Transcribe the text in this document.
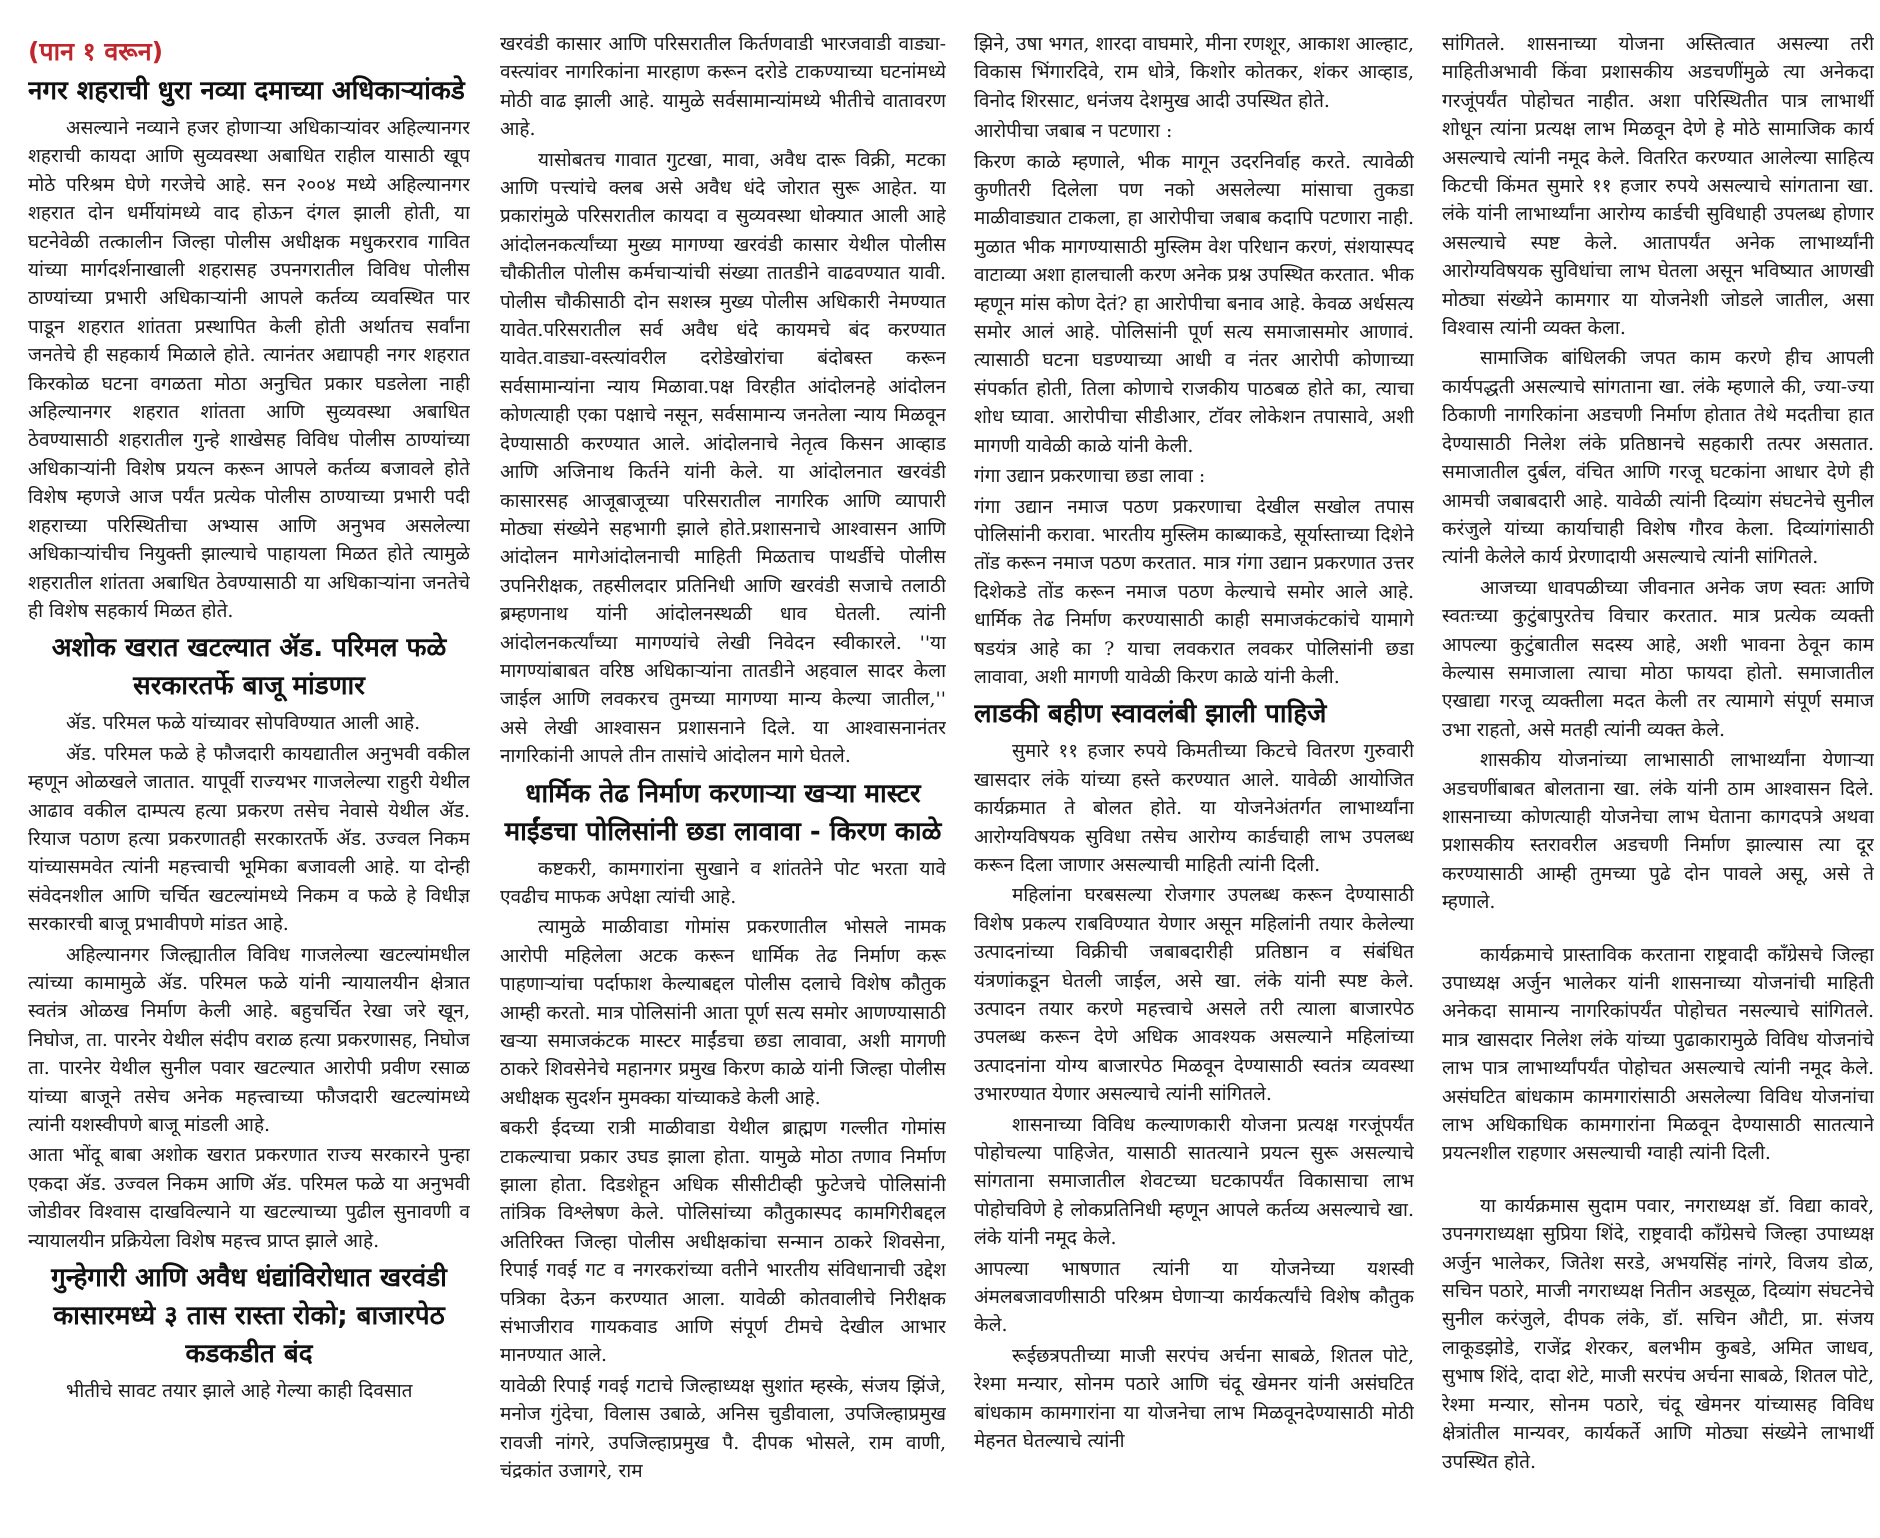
(पान १ वरून)
नगर शहराची धुरा नव्या दमाच्या अधिकाऱ्यांकडे

असल्याने नव्याने हजर होणाऱ्या अधिकाऱ्यांवर अहिल्यानगर शहराची कायदा आणि सुव्यवस्था अबाधित राहील यासाठी खूप मोठे परिश्रम घेणे गरजेचे आहे. सन २००४ मध्ये अहिल्यानगर शहरात दोन धर्मीयांमध्ये वाद होऊन दंगल झाली होती, या घटनेवेळी तत्कालीन जिल्हा पोलीस अधीक्षक मधुकरराव गावित यांच्या मार्गदर्शनाखाली शहरासह उपनगरातील विविध पोलीस ठाण्यांच्या प्रभारी अधिकाऱ्यांनी आपले कर्तव्य व्यवस्थित पार पाडून शहरात शांतता प्रस्थापित केली होती अर्थातच सर्वांना जनतेचे ही सहकार्य मिळाले होते. त्यानंतर अद्यापही नगर शहरात किरकोळ घटना वगळता मोठा अनुचित प्रकार घडलेला नाही अहिल्यानगर शहरात शांतता आणि सुव्यवस्था अबाधित ठेवण्यासाठी शहरातील गुन्हे शाखेसह विविध पोलीस ठाण्यांच्या अधिकाऱ्यांनी विशेष प्रयत्न करून आपले कर्तव्य बजावले होते विशेष म्हणजे आज पर्यंत प्रत्येक पोलीस ठाण्याच्या प्रभारी पदी शहराच्या परिस्थितीचा अभ्यास आणि अनुभव असलेल्या अधिकाऱ्यांचीच नियुक्ती झाल्याचे पाहायला मिळत होते त्यामुळे शहरातील शांतता अबाधित ठेवण्यासाठी या अधिकाऱ्यांना जनतेचे ही विशेष सहकार्य मिळत होते.

अशोक खरात खटल्यात ॲड. परिमल फळे सरकारतर्फे बाजू मांडणार

ॲड. परिमल फळे यांच्यावर सोपविण्यात आली आहे.

ॲड. परिमल फळे हे फौजदारी कायद्यातील अनुभवी वकील म्हणून ओळखले जातात. यापूर्वी राज्यभर गाजलेल्या राहुरी येथील आढाव वकील दाम्पत्य हत्या प्रकरण तसेच नेवासे येथील ॲड. रियाज पठाण हत्या प्रकरणातही सरकारतर्फे ॲड. उज्वल निकम यांच्यासमवेत त्यांनी महत्त्वाची भूमिका बजावली आहे. या दोन्ही संवेदनशील आणि चर्चित खटल्यांमध्ये निकम व फळे हे विधीज्ञ सरकारची बाजू प्रभावीपणे मांडत आहे.

अहिल्यानगर जिल्ह्यातील विविध गाजलेल्या खटल्यांमधील त्यांच्या कामामुळे ॲड. परिमल फळे यांनी न्यायालयीन क्षेत्रात स्वतंत्र ओळख निर्माण केली आहे. बहुचर्चित रेखा जरे खून, निघोज, ता. पारनेर येथील संदीप वराळ हत्या प्रकरणासह, निघोज ता. पारनेर येथील सुनील पवार खटल्यात आरोपी प्रवीण रसाळ यांच्या बाजूने तसेच अनेक महत्त्वाच्या फौजदारी खटल्यांमध्ये त्यांनी यशस्वीपणे बाजू मांडली आहे.

आता भोंदू बाबा अशोक खरात प्रकरणात राज्य सरकारने पुन्हा एकदा ॲड. उज्वल निकम आणि ॲड. परिमल फळे या अनुभवी जोडीवर विश्वास दाखविल्याने या खटल्याच्या पुढील सुनावणी व न्यायालयीन प्रक्रियेला विशेष महत्त्व प्राप्त झाले आहे.

गुन्हेगारी आणि अवैध धंद्यांविरोधात खरवंडी कासारमध्ये ३ तास रास्ता रोको; बाजारपेठ कडकडीत बंद

भीतीचे सावट तयार झाले आहे गेल्या काही दिवसात

खरवंडी कासार आणि परिसरातील किर्तणवाडी भारजवाडी वाड्या-वस्त्यांवर नागरिकांना मारहाण करून दरोडे टाकण्याच्या घटनांमध्ये मोठी वाढ झाली आहे. यामुळे सर्वसामान्यांमध्ये भीतीचे वातावरण आहे.

यासोबतच गावात गुटखा, मावा, अवैध दारू विक्री, मटका आणि पत्त्यांचे क्लब असे अवैध धंदे जोरात सुरू आहेत. या प्रकारांमुळे परिसरातील कायदा व सुव्यवस्था धोक्यात आली आहे आंदोलनकर्त्यांच्या मुख्य मागण्या खरवंडी कासार येथील पोलीस चौकीतील पोलीस कर्मचाऱ्यांची संख्या तातडीने वाढवण्यात यावी. पोलीस चौकीसाठी दोन सशस्त्र मुख्य पोलीस अधिकारी नेमण्यात यावेत.परिसरातील सर्व अवैध धंदे कायमचे बंद करण्यात यावेत.वाड्या-वस्त्यांवरील दरोडेखोरांचा बंदोबस्त करून सर्वसामान्यांना न्याय मिळावा.पक्ष विरहीत आंदोलनहे आंदोलन कोणत्याही एका पक्षाचे नसून, सर्वसामान्य जनतेला न्याय मिळवून देण्यासाठी करण्यात आले. आंदोलनाचे नेतृत्व किसन आव्हाड आणि अजिनाथ किर्तने यांनी केले. या आंदोलनात खरवंडी कासारसह आजूबाजूच्या परिसरातील नागरिक आणि व्यापारी मोठ्या संख्येने सहभागी झाले होते.प्रशासनाचे आश्वासन आणि आंदोलन मागेआंदोलनाची माहिती मिळताच पाथर्डीचे पोलीस उपनिरीक्षक, तहसीलदार प्रतिनिधी आणि खरवंडी सजाचे तलाठी ब्रम्हणनाथ यांनी आंदोलनस्थळी धाव घेतली. त्यांनी आंदोलनकर्त्यांच्या मागण्यांचे लेखी निवेदन स्वीकारले. ''या मागण्यांबाबत वरिष्ठ अधिकाऱ्यांना तातडीने अहवाल सादर केला जाईल आणि लवकरच तुमच्या मागण्या मान्य केल्या जातील,'' असे लेखी आश्वासन प्रशासनाने दिले. या आश्वासनानंतर नागरिकांनी आपले तीन तासांचे आंदोलन मागे घेतले.

धार्मिक तेढ निर्माण करणाऱ्या खऱ्या मास्टर माईंडचा पोलिसांनी छडा लावावा - किरण काळे

कष्टकरी, कामगारांना सुखाने व शांततेने पोट भरता यावे एवढीच माफक अपेक्षा त्यांची आहे.

त्यामुळे माळीवाडा गोमांस प्रकरणातील भोसले नामक आरोपी महिलेला अटक करून धार्मिक तेढ निर्माण करू पाहणाऱ्यांचा पर्दाफाश केल्याबद्दल पोलीस दलाचे विशेष कौतुक आम्ही करतो. मात्र पोलिसांनी आता पूर्ण सत्य समोर आणण्यासाठी खऱ्या समाजकंटक मास्टर माईंडचा छडा लावावा, अशी मागणी ठाकरे शिवसेनेचे महानगर प्रमुख किरण काळे यांनी जिल्हा पोलीस अधीक्षक सुदर्शन मुमक्का यांच्याकडे केली आहे.

बकरी ईदच्या रात्री माळीवाडा येथील ब्राह्मण गल्लीत गोमांस टाकल्याचा प्रकार उघड झाला होता. यामुळे मोठा तणाव निर्माण झाला होता. दिडशेहून अधिक सीसीटीव्ही फुटेजचे पोलिसांनी तांत्रिक विश्लेषण केले. पोलिसांच्या कौतुकास्पद कामगिरीबद्दल अतिरिक्त जिल्हा पोलीस अधीक्षकांचा सन्मान ठाकरे शिवसेना, रिपाई गवई गट व नगरकरांच्या वतीने भारतीय संविधानाची उद्देश पत्रिका देऊन करण्यात आला. यावेळी कोतवालीचे निरीक्षक संभाजीराव गायकवाड आणि संपूर्ण टीमचे देखील आभार मानण्यात आले.

यावेळी रिपाई गवई गटाचे जिल्हाध्यक्ष सुशांत म्हस्के, संजय झिंजे, मनोज गुंदेचा, विलास उबाळे, अनिस चुडीवाला, उपजिल्हाप्रमुख रावजी नांगरे, उपजिल्हाप्रमुख पै. दीपक भोसले, राम वाणी, चंद्रकांत उजागरे, राम

झिने, उषा भगत, शारदा वाघमारे, मीना रणशूर, आकाश आल्हाट, विकास भिंगारदिवे, राम धोत्रे, किशोर कोतकर, शंकर आव्हाड, विनोद शिरसाट, धनंजय देशमुख आदी उपस्थित होते.

आरोपीचा जबाब न पटणारा :

किरण काळे म्हणाले, भीक मागून उदरनिर्वाह करते. त्यावेळी कुणीतरी दिलेला पण नको असलेल्या मांसाचा तुकडा माळीवाड्यात टाकला, हा आरोपीचा जबाब कदापि पटणारा नाही. मुळात भीक मागण्यासाठी मुस्लिम वेश परिधान करणं, संशयास्पद वाटाव्या अशा हालचाली करण अनेक प्रश्न उपस्थित करतात. भीक म्हणून मांस कोण देतं? हा आरोपीचा बनाव आहे. केवळ अर्धसत्य समोर आलं आहे. पोलिसांनी पूर्ण सत्य समाजासमोर आणावं. त्यासाठी घटना घडण्याच्या आधी व नंतर आरोपी कोणाच्या संपर्कात होती, तिला कोणाचे राजकीय पाठबळ होते का, त्याचा शोध घ्यावा. आरोपीचा सीडीआर, टॉवर लोकेशन तपासावे, अशी मागणी यावेळी काळे यांनी केली.

गंगा उद्यान प्रकरणाचा छडा लावा :

गंगा उद्यान नमाज पठण प्रकरणाचा देखील सखोल तपास पोलिसांनी करावा. भारतीय मुस्लिम काब्याकडे, सूर्यास्ताच्या दिशेने तोंड करून नमाज पठण करतात. मात्र गंगा उद्यान प्रकरणात उत्तर दिशेकडे तोंड करून नमाज पठण केल्याचे समोर आले आहे. धार्मिक तेढ निर्माण करण्यासाठी काही समाजकंटकांचे यामागे षडयंत्र आहे का ? याचा लवकरात लवकर पोलिसांनी छडा लावावा, अशी मागणी यावेळी किरण काळे यांनी केली.

लाडकी बहीण स्वावलंबी झाली पाहिजे

सुमारे ११ हजार रुपये किमतीच्या किटचे वितरण गुरुवारी खासदार लंके यांच्या हस्ते करण्यात आले. यावेळी आयोजित कार्यक्रमात ते बोलत होते. या योजनेअंतर्गत लाभार्थ्यांना आरोग्यविषयक सुविधा तसेच आरोग्य कार्डचाही लाभ उपलब्ध करून दिला जाणार असल्याची माहिती त्यांनी दिली.

महिलांना घरबसल्या रोजगार उपलब्ध करून देण्यासाठी विशेष प्रकल्प राबविण्यात येणार असून महिलांनी तयार केलेल्या उत्पादनांच्या विक्रीची जबाबदारीही प्रतिष्ठान व संबंधित यंत्रणांकडून घेतली जाईल, असे खा. लंके यांनी स्पष्ट केले. उत्पादन तयार करणे महत्त्वाचे असले तरी त्याला बाजारपेठ उपलब्ध करून देणे अधिक आवश्यक असल्याने महिलांच्या उत्पादनांना योग्य बाजारपेठ मिळवून देण्यासाठी स्वतंत्र व्यवस्था उभारण्यात येणार असल्याचे त्यांनी सांगितले.

शासनाच्या विविध कल्याणकारी योजना प्रत्यक्ष गरजूंपर्यंत पोहोचल्या पाहिजेत, यासाठी सातत्याने प्रयत्न सुरू असल्याचे सांगताना समाजातील शेवटच्या घटकापर्यंत विकासाचा लाभ पोहोचविणे हे लोकप्रतिनिधी म्हणून आपले कर्तव्य असल्याचे खा. लंके यांनी नमूद केले.

आपल्या भाषणात त्यांनी या योजनेच्या यशस्वी अंमलबजावणीसाठी परिश्रम घेणाऱ्या कार्यकर्त्यांचे विशेष कौतुक केले.

रूईछत्रपतीच्या माजी सरपंच अर्चना साबळे, शितल पोटे, रेश्मा मन्यार, सोनम पठारे आणि चंदू खेमनर यांनी असंघटित बांधकाम कामगारांना या योजनेचा लाभ मिळवूनदेण्यासाठी मोठी मेहनत घेतल्याचे त्यांनी

सांगितले. शासनाच्या योजना अस्तित्वात असल्या तरी माहितीअभावी किंवा प्रशासकीय अडचणींमुळे त्या अनेकदा गरजूंपर्यंत पोहोचत नाहीत. अशा परिस्थितीत पात्र लाभार्थी शोधून त्यांना प्रत्यक्ष लाभ मिळवून देणे हे मोठे सामाजिक कार्य असल्याचे त्यांनी नमूद केले. वितरित करण्यात आलेल्या साहित्य किटची किंमत सुमारे ११ हजार रुपये असल्याचे सांगताना खा. लंके यांनी लाभार्थ्यांना आरोग्य कार्डची सुविधाही उपलब्ध होणार असल्याचे स्पष्ट केले. आतापर्यंत अनेक लाभार्थ्यांनी आरोग्यविषयक सुविधांचा लाभ घेतला असून भविष्यात आणखी मोठ्या संख्येने कामगार या योजनेशी जोडले जातील, असा विश्वास त्यांनी व्यक्त केला.

सामाजिक बांधिलकी जपत काम करणे हीच आपली कार्यपद्धती असल्याचे सांगताना खा. लंके म्हणाले की, ज्या-ज्या ठिकाणी नागरिकांना अडचणी निर्माण होतात तेथे मदतीचा हात देण्यासाठी निलेश लंके प्रतिष्ठानचे सहकारी तत्पर असतात. समाजातील दुर्बल, वंचित आणि गरजू घटकांना आधार देणे ही आमची जबाबदारी आहे. यावेळी त्यांनी दिव्यांग संघटनेचे सुनील करंजुले यांच्या कार्याचाही विशेष गौरव केला. दिव्यांगांसाठी त्यांनी केलेले कार्य प्रेरणादायी असल्याचे त्यांनी सांगितले.

आजच्या धावपळीच्या जीवनात अनेक जण स्वतः आणि स्वतःच्या कुटुंबापुरतेच विचार करतात. मात्र प्रत्येक व्यक्ती आपल्या कुटुंबातील सदस्य आहे, अशी भावना ठेवून काम केल्यास समाजाला त्याचा मोठा फायदा होतो. समाजातील एखाद्या गरजू व्यक्तीला मदत केली तर त्यामागे संपूर्ण समाज उभा राहतो, असे मतही त्यांनी व्यक्त केले.

शासकीय योजनांच्या लाभासाठी लाभार्थ्यांना येणाऱ्या अडचणींबाबत बोलताना खा. लंके यांनी ठाम आश्वासन दिले. शासनाच्या कोणत्याही योजनेचा लाभ घेताना कागदपत्रे अथवा प्रशासकीय स्तरावरील अडचणी निर्माण झाल्यास त्या दूर करण्यासाठी आम्ही तुमच्या पुढे दोन पावले असू, असे ते म्हणाले.

कार्यक्रमाचे प्रास्ताविक करताना राष्ट्रवादी काँग्रेसचे जिल्हा उपाध्यक्ष अर्जुन भालेकर यांनी शासनाच्या योजनांची माहिती अनेकदा सामान्य नागरिकांपर्यंत पोहोचत नसल्याचे सांगितले. मात्र खासदार निलेश लंके यांच्या पुढाकारामुळे विविध योजनांचे लाभ पात्र लाभार्थ्यांपर्यंत पोहोचत असल्याचे त्यांनी नमूद केले. असंघटित बांधकाम कामगारांसाठी असलेल्या विविध योजनांचा लाभ अधिकाधिक कामगारांना मिळवून देण्यासाठी सातत्याने प्रयत्नशील राहणार असल्याची ग्वाही त्यांनी दिली.

या कार्यक्रमास सुदाम पवार, नगराध्यक्ष डॉ. विद्या कावरे, उपनगराध्यक्षा सुप्रिया शिंदे, राष्ट्रवादी काँग्रेसचे जिल्हा उपाध्यक्ष अर्जुन भालेकर, जितेश सरडे, अभयसिंह नांगरे, विजय डोळ, सचिन पठारे, माजी नगराध्यक्ष नितीन अडसूळ, दिव्यांग संघटनेचे सुनील करंजुले, दीपक लंके, डॉ. सचिन औटी, प्रा. संजय लाकूडझोडे, राजेंद्र शेरकर, बलभीम कुबडे, अमित जाधव, सुभाष शिंदे, दादा शेटे, माजी सरपंच अर्चना साबळे, शितल पोटे, रेश्मा मन्यार, सोनम पठारे, चंदू खेमनर यांच्यासह विविध क्षेत्रांतील मान्यवर, कार्यकर्ते आणि मोठ्या संख्येने लाभार्थी उपस्थित होते.
